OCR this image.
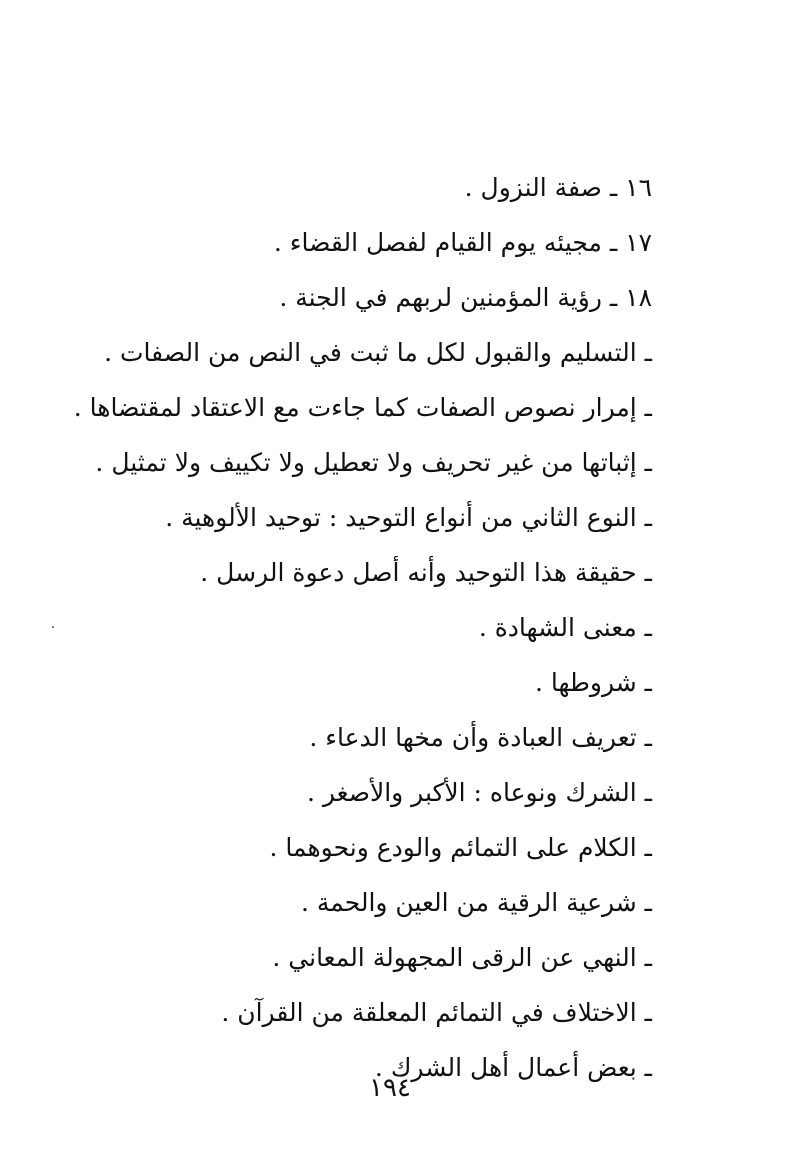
١٦ ـ صفة النزول .
١٧ ـ مجيئه يوم القيام لفصل القضاء .
١٨ ـ رؤية المؤمنين لربهم في الجنة .
ـ التسليم والقبول لكل ما ثبت في النص من الصفات .
ـ إمرار نصوص الصفات كما جاءت مع الاعتقاد لمقتضاها .
ـ إثباتها من غير تحريف ولا تعطيل ولا تكييف ولا تمثيل .
ـ النوع الثاني من أنواع التوحيد : توحيد الألوهية .
ـ حقيقة هذا التوحيد وأنه أصل دعوة الرسل .
ـ معنى الشهادة .
ـ شروطها .
ـ تعريف العبادة وأن مخها الدعاء .
ـ الشرك ونوعاه : الأكبر والأصغر .
ـ الكلام على التمائم والودع ونحوهما .
ـ شرعية الرقية من العين والحمة .
ـ النهي عن الرقى المجهولة المعاني .
ـ الاختلاف في التمائم المعلقة من القرآن .
ـ بعض أعمال أهل الشرك .
١٩٤
